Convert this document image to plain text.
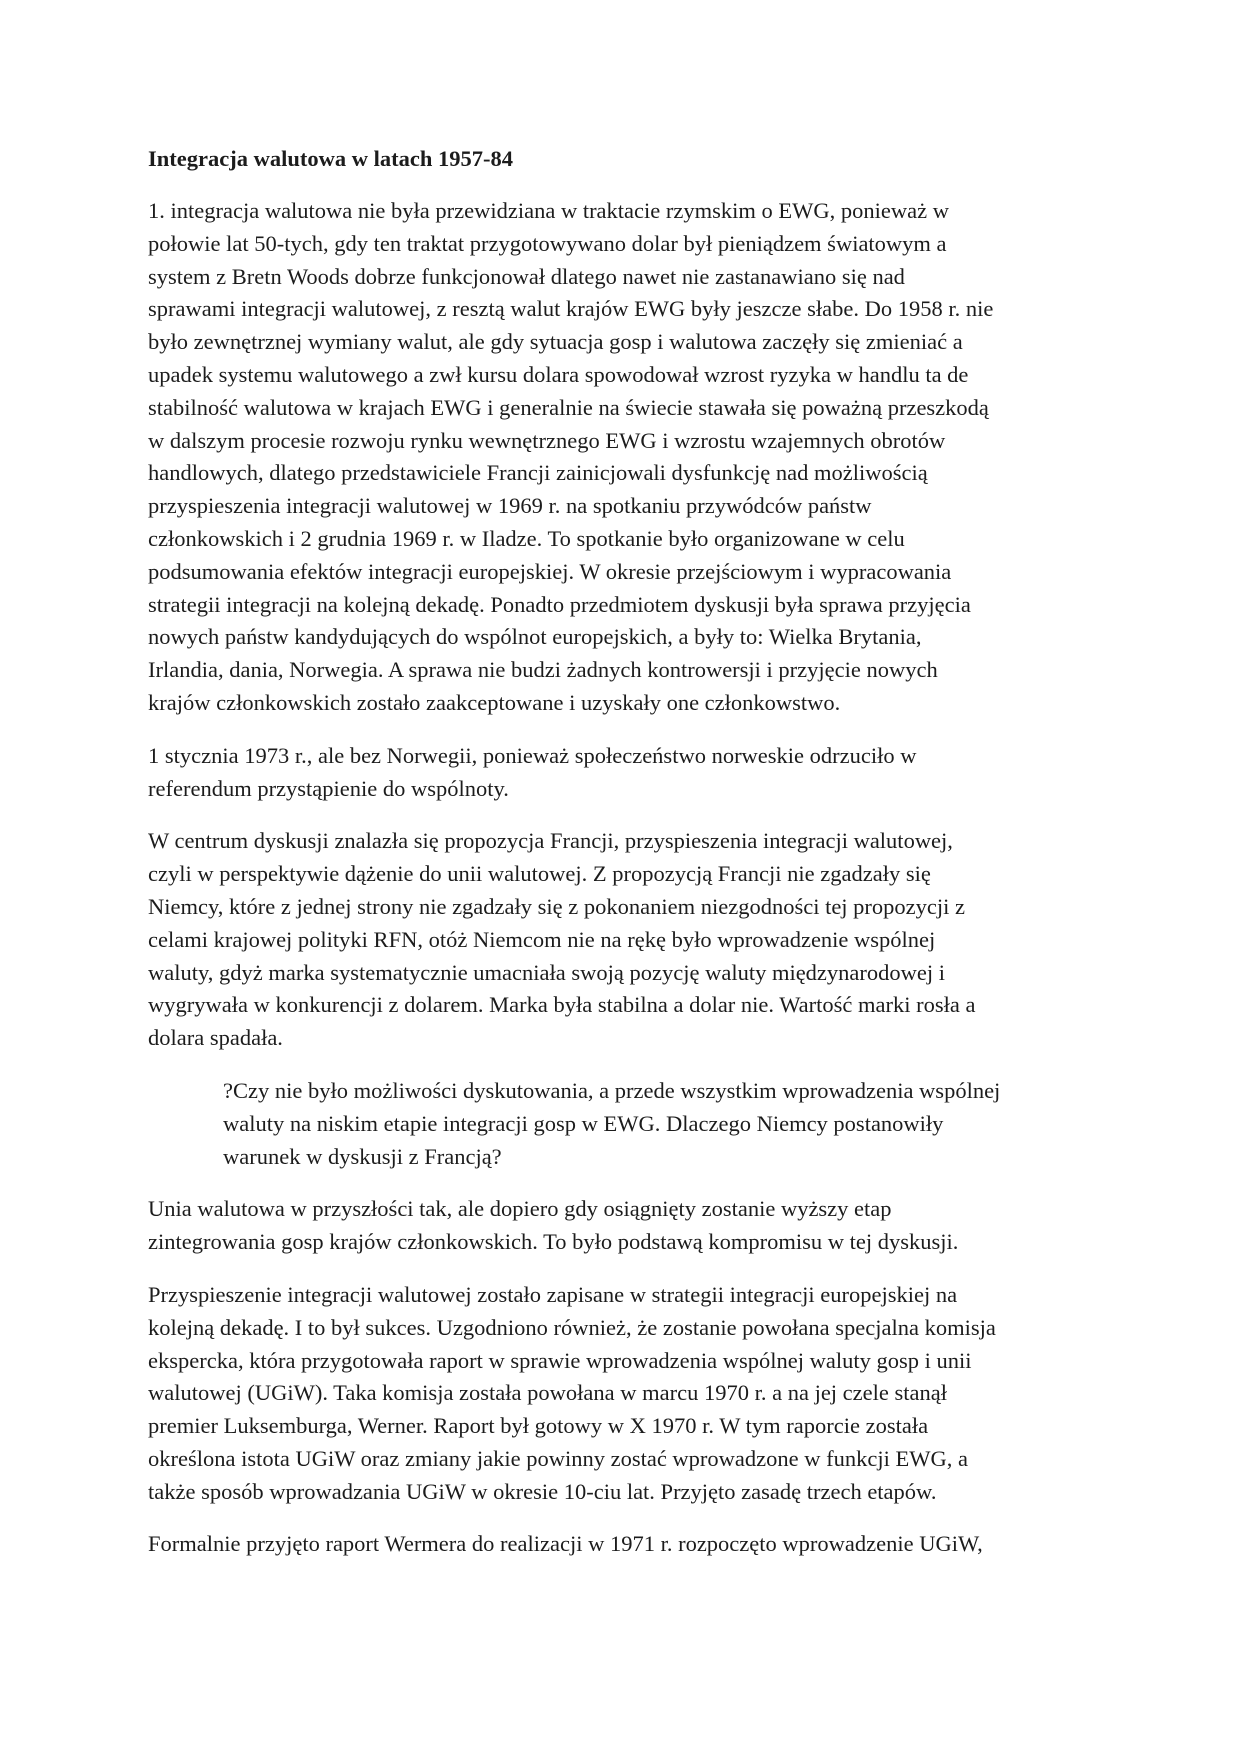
Integracja walutowa w latach 1957-84
1. integracja walutowa nie była przewidziana w traktacie rzymskim o EWG, ponieważ w
połowie lat 50-tych, gdy ten traktat przygotowywano dolar był pieniądzem światowym a
system z Bretn Woods dobrze funkcjonował dlatego nawet nie zastanawiano się nad
sprawami integracji walutowej, z resztą walut krajów EWG były jeszcze słabe. Do 1958 r. nie
było zewnętrznej wymiany walut, ale gdy sytuacja gosp i walutowa zaczęły się zmieniać a
upadek systemu walutowego a zwł kursu dolara spowodował wzrost ryzyka w handlu ta de
stabilność walutowa w krajach EWG i generalnie na świecie stawała się poważną przeszkodą
w dalszym procesie rozwoju rynku wewnętrznego EWG i wzrostu wzajemnych obrotów
handlowych, dlatego przedstawiciele Francji zainicjowali dysfunkcję nad możliwością
przyspieszenia integracji walutowej w 1969 r. na spotkaniu przywódców państw
członkowskich i 2 grudnia 1969 r. w Iladze. To spotkanie było organizowane w celu
podsumowania efektów integracji europejskiej. W okresie przejściowym i wypracowania
strategii integracji na kolejną dekadę. Ponadto przedmiotem dyskusji była sprawa przyjęcia
nowych państw kandydujących do wspólnot europejskich, a były to: Wielka Brytania,
Irlandia, dania, Norwegia. A sprawa nie budzi żadnych kontrowersji i przyjęcie nowych
krajów członkowskich zostało zaakceptowane i uzyskały one członkowstwo.
1 stycznia 1973 r., ale bez Norwegii, ponieważ społeczeństwo norweskie odrzuciło w
referendum przystąpienie do wspólnoty.
W centrum dyskusji znalazła się propozycja Francji, przyspieszenia integracji walutowej,
czyli w perspektywie dążenie do unii walutowej. Z propozycją Francji nie zgadzały się
Niemcy, które z jednej strony nie zgadzały się z pokonaniem niezgodności tej propozycji z
celami krajowej polityki RFN, otóż Niemcom nie na rękę było wprowadzenie wspólnej
waluty, gdyż marka systematycznie umacniała swoją pozycję waluty międzynarodowej i
wygrywała w konkurencji z dolarem. Marka była stabilna a dolar nie. Wartość marki rosła a
dolara spadała.
?Czy nie było możliwości dyskutowania, a przede wszystkim wprowadzenia wspólnej
waluty na niskim etapie integracji gosp w EWG. Dlaczego Niemcy postanowiły
warunek w dyskusji z Francją?
Unia walutowa w przyszłości tak, ale dopiero gdy osiągnięty zostanie wyższy etap
zintegrowania gosp krajów członkowskich. To było podstawą kompromisu w tej dyskusji.
Przyspieszenie integracji walutowej zostało zapisane w strategii integracji europejskiej na
kolejną dekadę. I to był sukces. Uzgodniono również, że zostanie powołana specjalna komisja
ekspercka, która przygotowała raport w sprawie wprowadzenia wspólnej waluty gosp i unii
walutowej (UGiW). Taka komisja została powołana w marcu 1970 r. a na jej czele stanął
premier Luksemburga, Werner. Raport był gotowy w X 1970 r. W tym raporcie została
określona istota UGiW oraz zmiany jakie powinny zostać wprowadzone w funkcji EWG, a
także sposób wprowadzania UGiW w okresie 10-ciu lat. Przyjęto zasadę trzech etapów.
Formalnie przyjęto raport Wermera do realizacji w 1971 r. rozpoczęto wprowadzenie UGiW,
